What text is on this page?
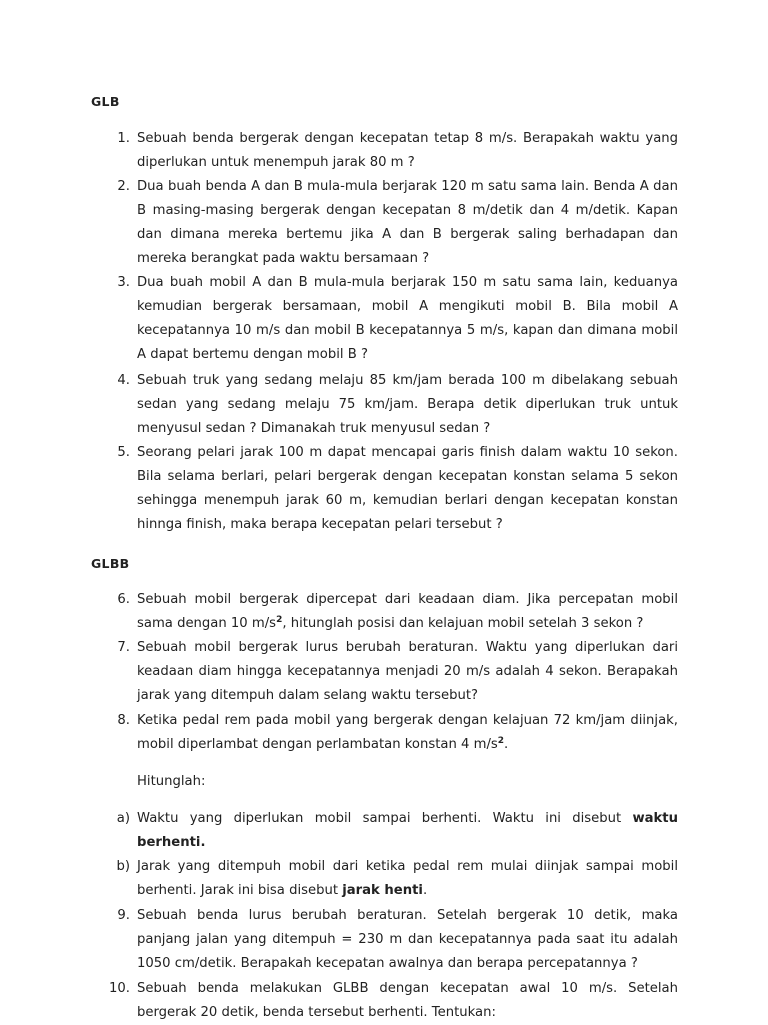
GLB
1. Sebuah benda bergerak dengan kecepatan tetap 8 m/s. Berapakah waktu yang diperlukan untuk menempuh jarak 80 m ?
2. Dua buah benda A dan B mula-mula berjarak 120 m satu sama lain. Benda A dan B masing-masing bergerak dengan kecepatan 8 m/detik dan 4 m/detik. Kapan dan dimana mereka bertemu jika A dan B bergerak saling berhadapan dan mereka berangkat pada waktu bersamaan ?
3. Dua buah mobil A dan B mula-mula berjarak 150 m satu sama lain, keduanya kemudian bergerak bersamaan, mobil A mengikuti mobil B. Bila mobil A kecepatannya 10 m/s dan mobil B kecepatannya 5 m/s, kapan dan dimana mobil A dapat bertemu dengan mobil B ?
4. Sebuah truk yang sedang melaju 85 km/jam berada 100 m dibelakang sebuah sedan yang sedang melaju 75 km/jam. Berapa detik diperlukan truk untuk menyusul sedan ? Dimanakah truk menyusul sedan ?
5. Seorang pelari jarak 100 m dapat mencapai garis finish dalam waktu 10 sekon. Bila selama berlari, pelari bergerak dengan kecepatan konstan selama 5 sekon sehingga menempuh jarak 60 m, kemudian berlari dengan kecepatan konstan hinnga finish, maka berapa kecepatan pelari tersebut ?
GLBB
6. Sebuah mobil bergerak dipercepat dari keadaan diam. Jika percepatan mobil sama dengan 10 $m/s^2$, hitunglah posisi dan kelajuan mobil setelah 3 sekon ?
7. Sebuah mobil bergerak lurus berubah beraturan. Waktu yang diperlukan dari keadaan diam hingga kecepatannya menjadi 20 m/s adalah 4 sekon. Berapakah jarak yang ditempuh dalam selang waktu tersebut?
8. Ketika pedal rem pada mobil yang bergerak dengan kelajuan 72 km/jam diinjak, mobil diperlambat dengan perlambatan konstan 4 $m/s^2$.
Hitunglah:
a) Waktu yang diperlukan mobil sampai berhenti. Waktu ini disebut waktu berhenti.
b) Jarak yang ditempuh mobil dari ketika pedal rem mulai diinjak sampai mobil berhenti. Jarak ini bisa disebut jarak henti.
9. Sebuah benda lurus berubah beraturan. Setelah bergerak 10 detik, maka panjang jalan yang ditempuh = 230 m dan kecepatannya pada saat itu adalah 1050 cm/detik. Berapakah kecepatan awalnya dan berapa percepatannya ?
10. Sebuah benda melakukan GLBB dengan kecepatan awal 10 m/s. Setelah bergerak 20 detik, benda tersebut berhenti. Tentukan:
